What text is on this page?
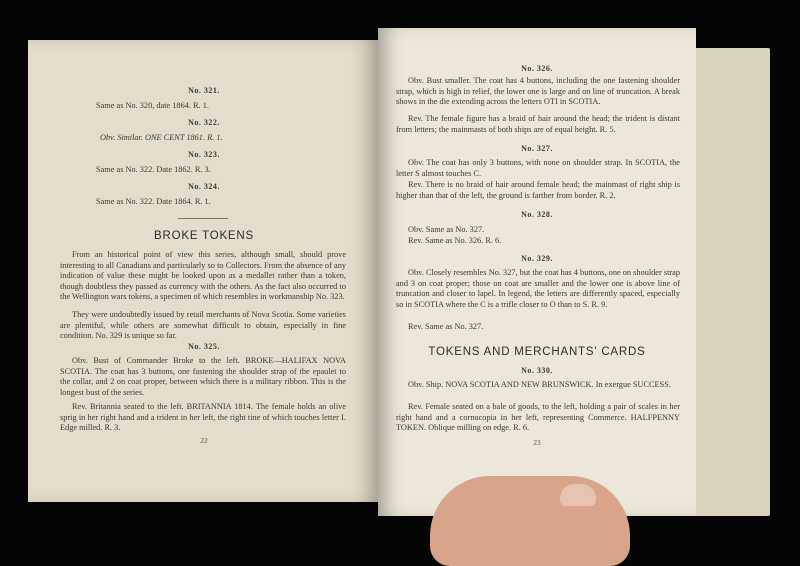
No. 321.
Same as No. 320, date 1864. R. 1.
No. 322.
Obv. Similar. ONE CENT 1861. R. 1.
No. 323.
Same as No. 322. Date 1862. R. 3.
No. 324.
Same as No. 322. Date 1864. R. 1.
BROKE TOKENS
From an historical point of view this series, although small, should prove interesting to all Canadians and particularly so to Collectors. From the absence of any indication of value these might be looked upon as a medallet rather than a token, though doubtless they passed as currency with the others. As the fact also occurred to the Wellington wars tokens, a specimen of which resembles in workmanship No. 323.
They were undoubtedly issued by retail merchants of Nova Scotia. Some varieties are plentiful, while others are somewhat difficult to obtain, especially in fine condition. No. 329 is unique so far.
No. 325.
Obv. Bust of Commander Broke to the left. BROKE—HALIFAX NOVA SCOTIA. The coat has 3 buttons, one fastening the shoulder strap of the epaulet to the collar, and 2 on coat proper, between which there is a military ribbon. This is the longest bust of the series.
Rev. Britannia seated to the left. BRITANNIA 1814. The female holds an olive sprig in her right hand and a trident in her left, the right tine of which touches letter I. Edge milled. R. 3.
22
No. 326.
Obv. Bust smaller. The coat has 4 buttons, including the one fastening shoulder strap, which is high in relief, the lower one is large and on line of truncation. A break shows in the die extending across the letters OTI in SCOTIA.
Rev. The female figure has a braid of hair around the head; the trident is distant from letters; the mainmasts of both ships are of equal height. R. 5.
No. 327.
Obv. The coat has only 3 buttons, with none on shoulder strap. In SCOTIA, the letter S almost touches C.
Rev. There is no braid of hair around female head; the mainmast of right ship is higher than that of the left, the ground is farther from border. R. 2.
No. 328.
Obv. Same as No. 327.
Rev. Same as No. 326. R. 6.
No. 329.
Obv. Closely resembles No. 327, but the coat has 4 buttons, one on shoulder strap and 3 on coat proper; those on coat are smaller and the lower one is above line of truncation and closer to lapel. In legend, the letters are differently spaced, especially so in SCOTIA where the C is a trifle closer to O than to S. R. 9.
Rev. Same as No. 327.
TOKENS AND MERCHANTS' CARDS
No. 330.
Obv. Ship. NOVA SCOTIA AND NEW BRUNSWICK. In exergue SUCCESS.
Rev. Female seated on a bale of goods, to the left, holding a pair of scales in her right hand and a cornucopia in her left, representing Commerce. HALFPENNY TOKEN. Oblique milling on edge. R. 6.
23
